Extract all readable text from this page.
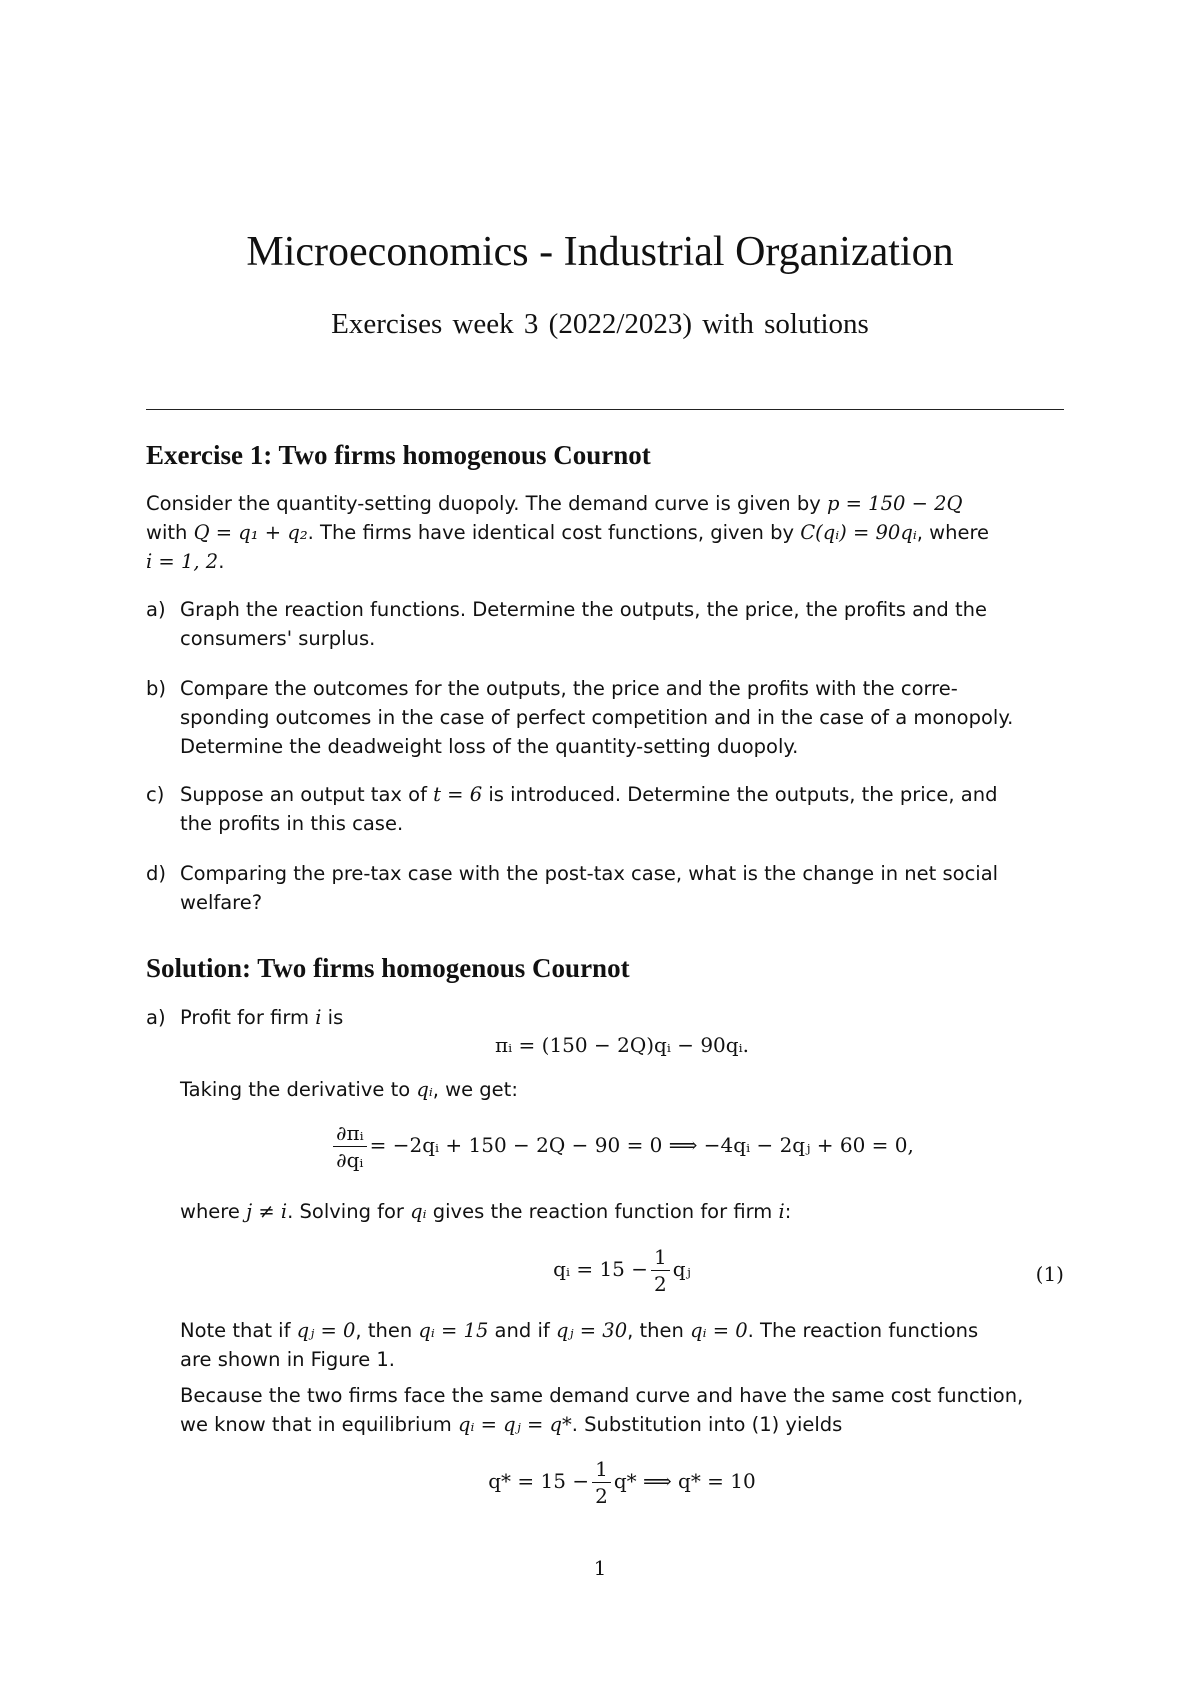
Microeconomics - Industrial Organization
Exercises week 3 (2022/2023) with solutions
Exercise 1: Two firms homogenous Cournot
Consider the quantity-setting duopoly. The demand curve is given by p = 150 − 2Q
with Q = q₁ + q₂. The firms have identical cost functions, given by C(qᵢ) = 90qᵢ, where
i = 1, 2.
a) Graph the reaction functions. Determine the outputs, the price, the profits and the
consumers' surplus.
b) Compare the outcomes for the outputs, the price and the profits with the corre-
sponding outcomes in the case of perfect competition and in the case of a monopoly.
Determine the deadweight loss of the quantity-setting duopoly.
c) Suppose an output tax of t = 6 is introduced. Determine the outputs, the price, and
the profits in this case.
d) Comparing the pre-tax case with the post-tax case, what is the change in net social
welfare?
Solution: Two firms homogenous Cournot
a) Profit for firm i is
πᵢ = (150 − 2Q)qᵢ − 90qᵢ.
Taking the derivative to qᵢ, we get:
$\frac{\text{∂πᵢ}}{\text{∂qᵢ}}$ = −2qᵢ + 150 − 2Q − 90 = 0 ⟹ −4qᵢ − 2qⱼ + 60 = 0,
where j ≠ i. Solving for qᵢ gives the reaction function for firm i:
qᵢ = $15 - \frac{1}{2}$ qⱼ	(1)
Note that if qⱼ = 0, then qᵢ = 15 and if qⱼ = 30, then qᵢ = 0. The reaction functions
are shown in Figure 1.
Because the two firms face the same demand curve and have the same cost function,
we know that in equilibrium qᵢ = qⱼ = q*. Substitution into (1) yields
$q* = 15 - \frac{1}{2} q*$ ⟹ q* = 10
1
